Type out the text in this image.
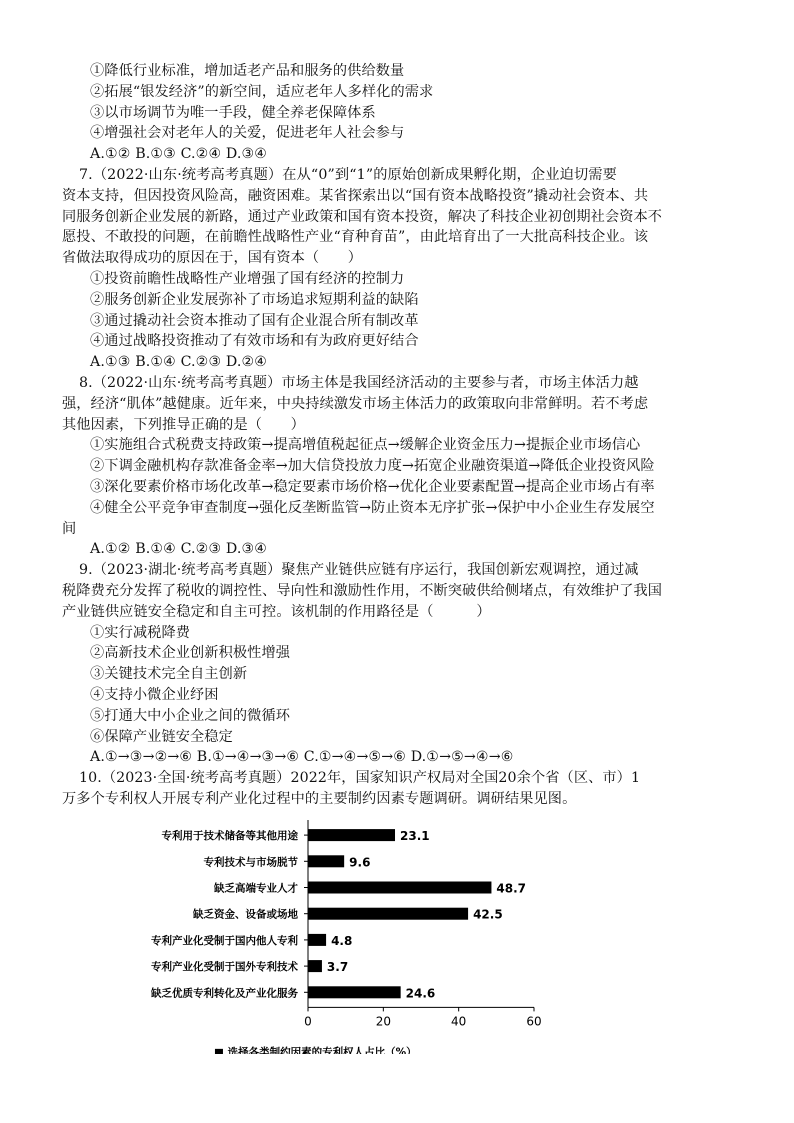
①降低行业标准，增加适老产品和服务的供给数量
②拓展“银发经济”的新空间，适应老年人多样化的需求
③以市场调节为唯一手段，健全养老保障体系
④增强社会对老年人的关爱，促进老年人社会参与
A.①② B.①③ C.②④ D.③④
7.（2022·山东·统考高考真题）在从“0”到“1”的原始创新成果孵化期，企业迫切需要
资本支持，但因投资风险高，融资困难。某省探索出以“国有资本战略投资”撬动社会资本、共
同服务创新企业发展的新路，通过产业政策和国有资本投资，解决了科技企业初创期社会资本不
愿投、不敢投的问题，在前瞻性战略性产业“育种育苗”，由此培育出了一大批高科技企业。该
省做法取得成功的原因在于，国有资本（　　）
①投资前瞻性战略性产业增强了国有经济的控制力
②服务创新企业发展弥补了市场追求短期利益的缺陷
③通过撬动社会资本推动了国有企业混合所有制改革
④通过战略投资推动了有效市场和有为政府更好结合
A.①③ B.①④ C.②③ D.②④
8.（2022·山东·统考高考真题）市场主体是我国经济活动的主要参与者，市场主体活力越
强，经济“肌体”越健康。近年来，中央持续激发市场主体活力的政策取向非常鲜明。若不考虑
其他因素，下列推导正确的是（　　）
①实施组合式税费支持政策→提高增值税起征点→缓解企业资金压力→提振企业市场信心
②下调金融机构存款准备金率→加大信贷投放力度→拓宽企业融资渠道→降低企业投资风险
③深化要素价格市场化改革→稳定要素市场价格→优化企业要素配置→提高企业市场占有率
④健全公平竞争审查制度→强化反垄断监管→防止资本无序扩张→保护中小企业生存发展空
间
A.①② B.①④ C.②③ D.③④
9.（2023·湖北·统考高考真题）聚焦产业链供应链有序运行，我国创新宏观调控，通过减
税降费充分发挥了税收的调控性、导向性和激励性作用，不断突破供给侧堵点，有效维护了我国
产业链供应链安全稳定和自主可控。该机制的作用路径是（　　　）
①实行减税降费
②高新技术企业创新积极性增强
③关键技术完全自主创新
④支持小微企业纾困
⑤打通大中小企业之间的微循环
⑥保障产业链安全稳定
A.①→③→②→⑥ B.①→④→③→⑥ C.①→④→⑤→⑥ D.①→⑤→④→⑥
10.（2023·全国·统考高考真题）2022年，国家知识产权局对全国20余个省（区、市）1
万多个专利权人开展专利产业化过程中的主要制约因素专题调研。调研结果见图。
专利用于技术储备等其他用途	23.1
专利技术与市场脱节	9.6
缺乏高端专业人才	48.7
缺乏资金、设备或场地	42.5
专利产业化受制于国内他人专利	4.8
专利产业化受制于国外专利技术 3.7
缺乏优质专利转化及产业化服务	24.6
0	20	40	60
■ 选择各类制约因素的专利权人占比（%）
